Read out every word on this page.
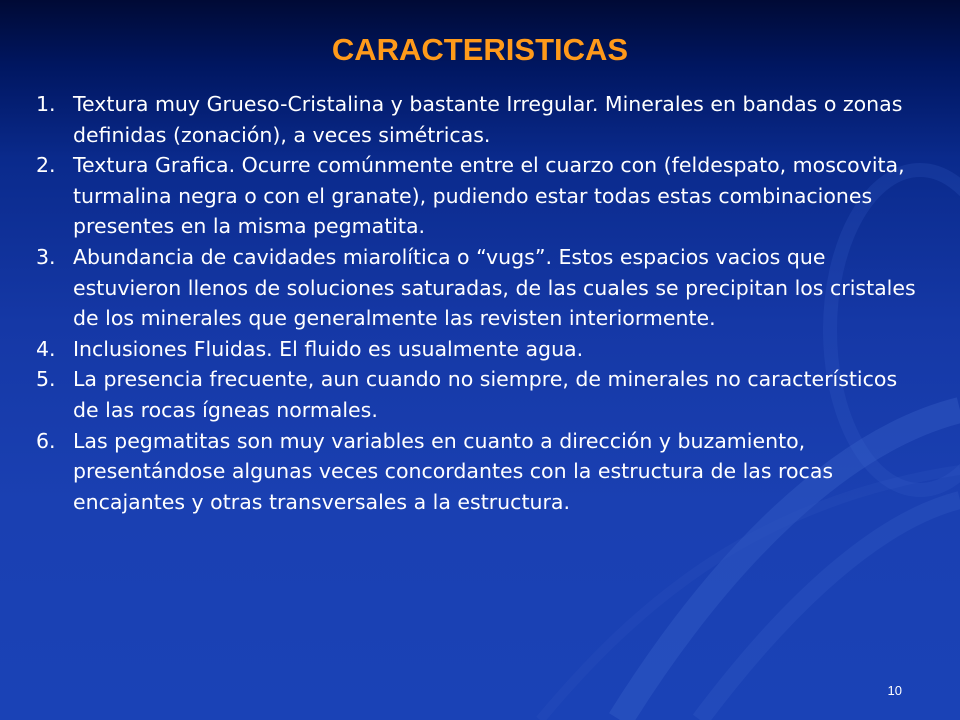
CARACTERISTICAS
1. Textura muy Grueso-Cristalina y bastante Irregular. Minerales en bandas o zonas definidas (zonación), a veces simétricas.
2. Textura Grafica. Ocurre comúnmente entre el cuarzo con (feldespato, moscovita, turmalina negra o con el granate), pudiendo estar todas estas combinaciones presentes en la misma pegmatita.
3. Abundancia de cavidades miarolítica o “vugs”. Estos espacios vacios que estuvieron llenos de soluciones saturadas, de las cuales se precipitan los cristales de los minerales que generalmente las revisten interiormente.
4. Inclusiones Fluidas. El fluido es usualmente agua.
5. La presencia frecuente, aun cuando no siempre, de minerales no característicos de las rocas ígneas normales.
6. Las pegmatitas son muy variables en cuanto a dirección y buzamiento, presentándose algunas veces concordantes con la estructura de las rocas encajantes y otras transversales a la estructura.
10
